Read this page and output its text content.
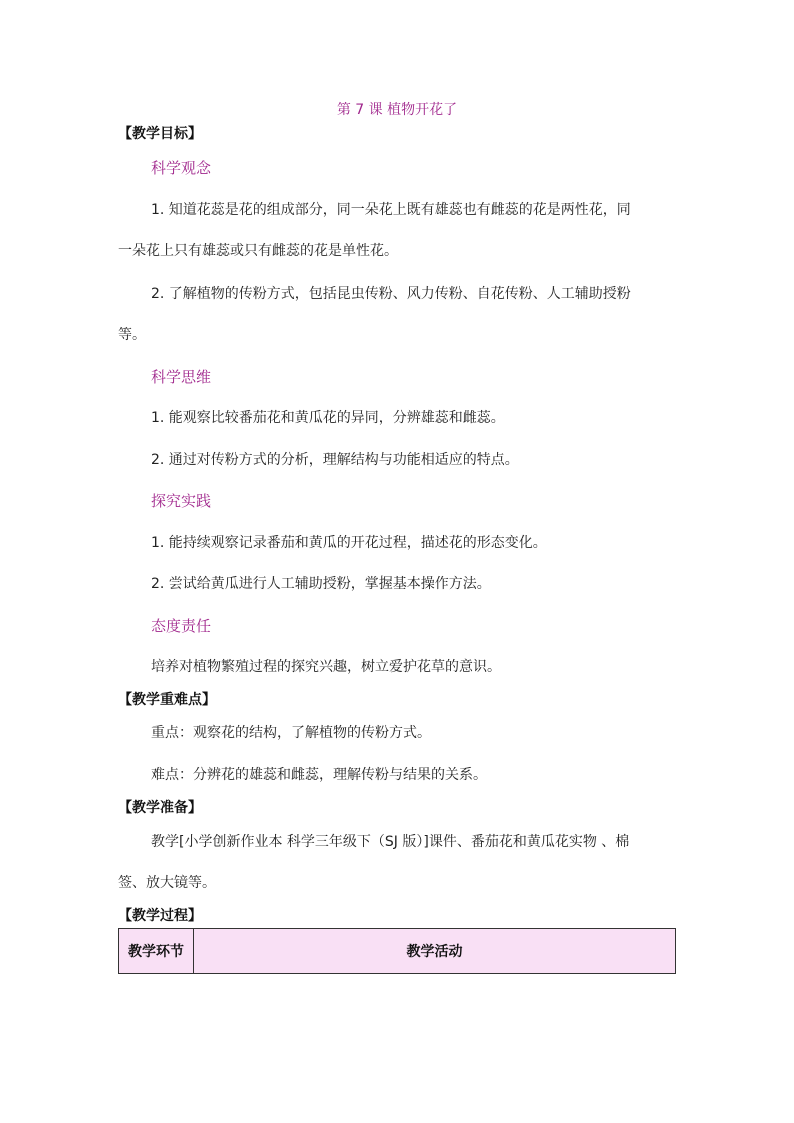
第 7 课 植物开花了
【教学目标】
科学观念
1. 知道花蕊是花的组成部分，同一朵花上既有雄蕊也有雌蕊的花是两性花，同
一朵花上只有雄蕊或只有雌蕊的花是单性花。
2. 了解植物的传粉方式，包括昆虫传粉、风力传粉、自花传粉、人工辅助授粉
等。
科学思维
1. 能观察比较番茄花和黄瓜花的异同，分辨雄蕊和雌蕊。
2. 通过对传粉方式的分析，理解结构与功能相适应的特点。
探究实践
1. 能持续观察记录番茄和黄瓜的开花过程，描述花的形态变化。
2. 尝试给黄瓜进行人工辅助授粉，掌握基本操作方法。
态度责任
培养对植物繁殖过程的探究兴趣，树立爱护花草的意识。
【教学重难点】
重点：观察花的结构，了解植物的传粉方式。
难点：分辨花的雄蕊和雌蕊，理解传粉与结果的关系。
【教学准备】
教学[小学创新作业本 科学三年级下（SJ 版）]课件、番茄花和黄瓜花实物 、棉
签、放大镜等。
【教学过程】
教学环节	教学活动
